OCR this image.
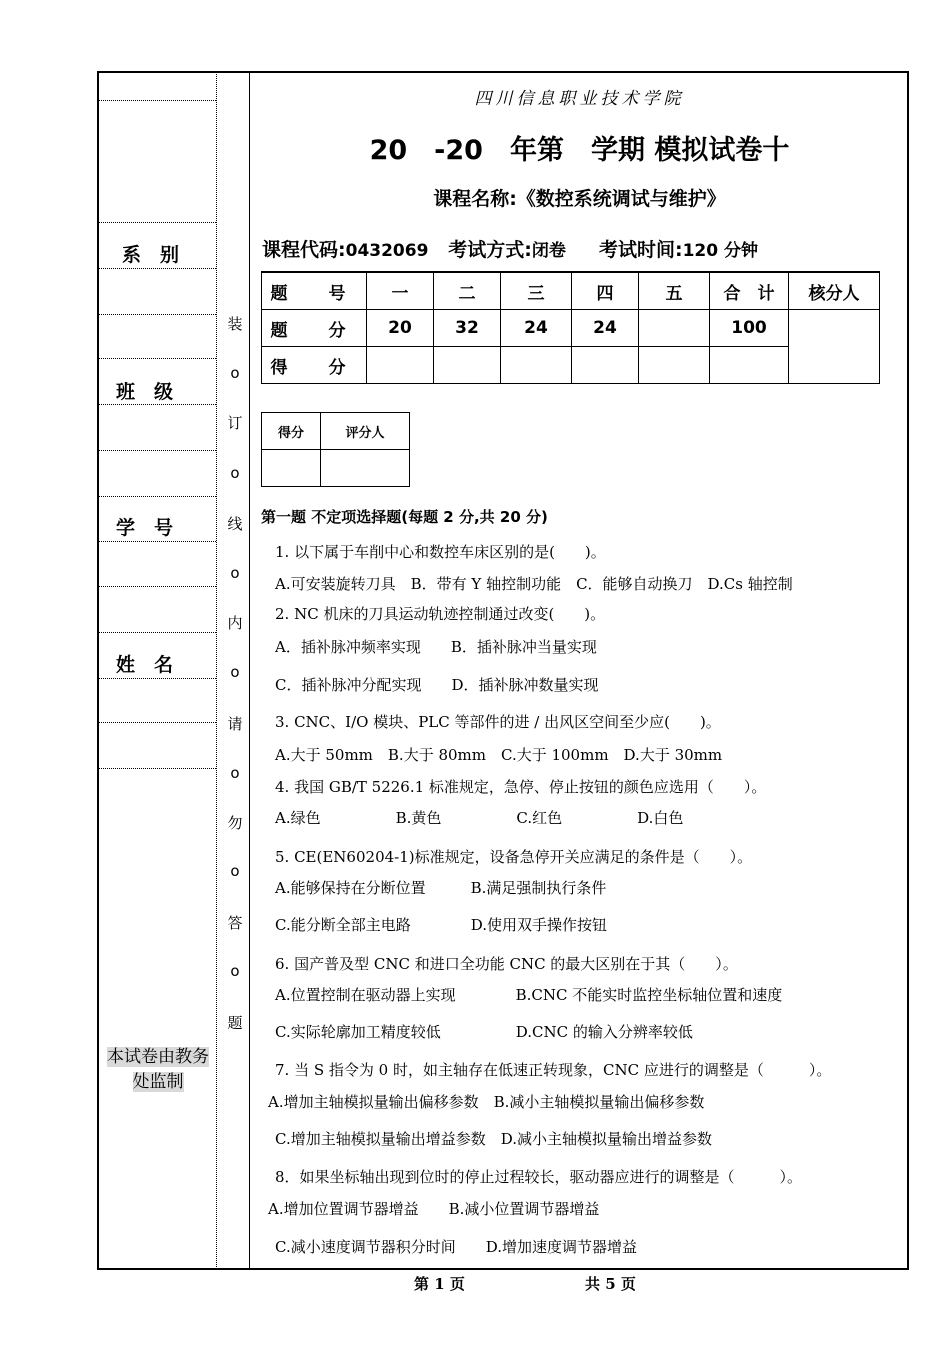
系　别
班　级
学　号
姓　名
装
o
订
o
线
o
内
o
请
o
勿
o
答
o
题
本试卷由教务处监制
四川信息职业技术学院
20　-20　年第　学期 模拟试卷十
课程名称:《数控系统调试与维护》
课程代码:0432069 考试方式:闭卷 考试时间:120 分钟
题　号	一	二	三	四	五	合　计	核分人
题　分	20	32	24	24		100	
得　分							
得分	评分人

第一题 不定项选择题(每题 2 分,共 20 分)
1. 以下属于车削中心和数控车床区别的是(　　)。
A.可安装旋转刀具　B．带有 Y 轴控制功能　C．能够自动换刀　D.Cs 轴控制
2. NC 机床的刀具运动轨迹控制通过改变(　　)。
A．插补脉冲频率实现　　B．插补脉冲当量实现
C．插补脉冲分配实现　　D．插补脉冲数量实现
3. CNC、I/O 模块、PLC 等部件的进 / 出风区空间至少应(　　)。
A.大于 50mm　B.大于 80mm　C.大于 100mm　D.大于 30mm
4. 我国 GB/T 5226.1 标准规定，急停、停止按钮的颜色应选用（　　）。
A.绿色　　　　　B.黄色　　　　　C.红色　　　　　D.白色
5. CE(EN60204-1)标准规定，设备急停开关应满足的条件是（　　）。
A.能够保持在分断位置　　　B.满足强制执行条件
C.能分断全部主电路　　　　D.使用双手操作按钮
6. 国产普及型 CNC 和进口全功能 CNC 的最大区别在于其（　　）。
A.位置控制在驱动器上实现　　　　B.CNC 不能实时监控坐标轴位置和速度
C.实际轮廓加工精度较低　　　　　D.CNC 的输入分辨率较低
7. 当 S 指令为 0 时，如主轴存在低速正转现象，CNC 应进行的调整是（　　　）。
A.增加主轴模拟量输出偏移参数　B.减小主轴模拟量输出偏移参数
C.增加主轴模拟量输出增益参数　D.减小主轴模拟量输出增益参数
8．如果坐标轴出现到位时的停止过程较长，驱动器应进行的调整是（　　　）。
A.增加位置调节器增益　　B.减小位置调节器增益
C.减小速度调节器积分时间　　D.增加速度调节器增益
第 1 页	共 5 页
